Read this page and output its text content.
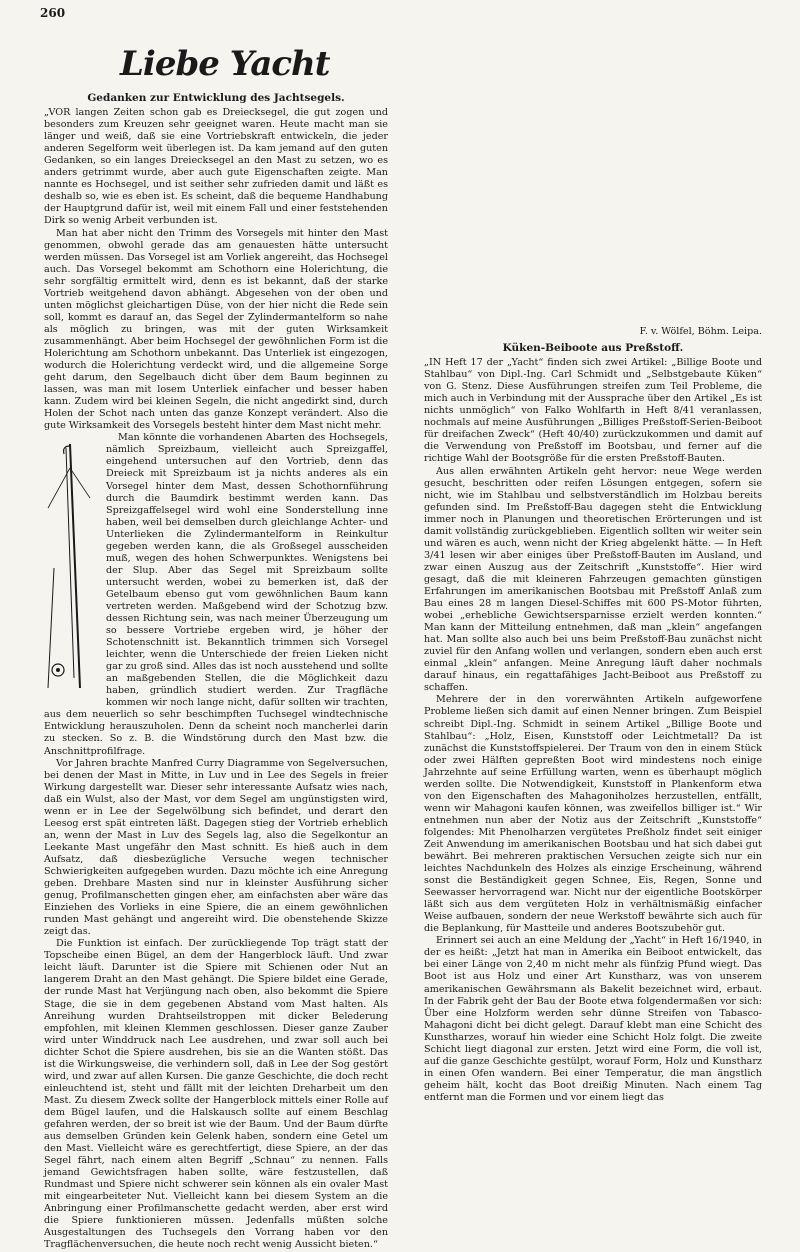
260
Liebe Yacht
Gedanken zur Entwicklung des Jachtsegels.

„VOR langen Zeiten schon gab es Dreiecksegel, die gut zogen und besonders zum Kreuzen sehr geeignet waren. Heute macht man sie länger und weiß, daß sie eine Vortriebskraft entwickeln, die jeder anderen Segelform weit überlegen ist. Da kam jemand auf den guten Gedanken, so ein langes Dreiecksegel an den Mast zu setzen, wo es anders getrimmt wurde, aber auch gute Eigenschaften zeigte. Man nannte es Hochsegel, und ist seither sehr zufrieden damit und läßt es deshalb so, wie es eben ist. Es scheint, daß die bequeme Handhabung der Hauptgrund dafür ist, weil mit einem Fall und einer feststehenden Dirk so wenig Arbeit verbunden ist.

Man hat aber nicht den Trimm des Vorsegels mit hinter den Mast genommen, obwohl gerade das am genauesten hätte untersucht werden müssen. Das Vorsegel ist am Vorliek angereiht, das Hochsegel auch. Das Vorsegel bekommt am Schothorn eine Holerichtung, die sehr sorgfältig ermittelt wird, denn es ist bekannt, daß der starke Vortrieb weitgehend davon abhängt. Abgesehen von der oben und unten möglichst gleichartigen Düse, von der hier nicht die Rede sein soll, kommt es darauf an, das Segel der Zylindermantelform so nahe als möglich zu bringen, was mit der guten Wirksamkeit zusammenhängt. Aber beim Hochsegel der gewöhnlichen Form ist die Holerichtung am Schothorn unbekannt. Das Unterliek ist eingezogen, wodurch die Holerichtung verdeckt wird, und die allgemeine Sorge geht darum, den Segelbauch dicht über dem Baum beginnen zu lassen, was man mit losem Unterliek einfacher und besser haben kann. Zudem wird bei kleinen Segeln, die nicht angedirkt sind, durch Holen der Schot nach unten das ganze Konzept verändert. Also die gute Wirksamkeit des Vorsegels besteht hinter dem Mast nicht mehr.

Man könnte die vorhandenen Abarten des Hochsegels, nämlich Spreizbaum, vielleicht auch Spreizgaffel, eingehend untersuchen auf den Vortrieb, denn das Dreieck mit Spreizbaum ist ja nichts anderes als ein Vorsegel hinter dem Mast, dessen Schothornführung durch die Baumdirk bestimmt werden kann. Das Spreizgaffelsegel wird wohl eine Sonderstellung inne haben, weil bei demselben durch gleichlange Achter- und Unterlieken die Zylindermantelform in Reinkultur gegeben werden kann, die als Großsegel ausscheiden muß, wegen des hohen Schwerpunktes. Wenigstens bei der Slup. Aber das Segel mit Spreizbaum sollte untersucht werden, wobei zu bemerken ist, daß der Getelbaum ebenso gut vom gewöhnlichen Baum kann vertreten werden. Maßgebend wird der Schotzug bzw. dessen Richtung sein, was nach meiner Überzeugung um so bessere Vortriebe ergeben wird, je höher der Schotenschnitt ist. Bekanntlich trimmen sich Vorsegel leichter, wenn die Unterschiede der freien Lieken nicht gar zu groß sind. Alles das ist noch ausstehend und sollte an maßgebenden Stellen, die die Möglichkeit dazu haben, gründlich studiert werden. Zur Tragfläche kommen wir noch lange nicht, dafür sollten wir trachten, aus dem neuerlich so sehr beschimpften Tuchsegel windtechnische Entwicklung herauszuholen. Denn da scheint noch mancherlei darin zu stecken. So z. B. die Windstörung durch den Mast bzw. die Anschnittprofilfrage.

Vor Jahren brachte Manfred Curry Diagramme von Segelversuchen, bei denen der Mast in Mitte, in Luv und in Lee des Segels in freier Wirkung dargestellt war. Dieser sehr interessante Aufsatz wies nach, daß ein Wulst, also der Mast, vor dem Segel am ungünstigsten wird, wenn er in Lee der Segelwölbung sich befindet, und derart den Leesog erst spät eintreten läßt. Dagegen stieg der Vortrieb erheblich an, wenn der Mast in Luv des Segels lag, also die Segelkontur an Leekante Mast ungefähr den Mast schnitt. Es hieß auch in dem Aufsatz, daß diesbezügliche Versuche wegen technischer Schwierigkeiten aufgegeben wurden. Dazu möchte ich eine Anregung geben. Drehbare Masten sind nur in kleinster Ausführung sicher genug, Profilmanschetten gingen eher, am einfachsten aber wäre das Einziehen des Vorlieks in eine Spiere, die an einem gewöhnlichen runden Mast gehängt und angereiht wird. Die obenstehende Skizze zeigt das.

Die Funktion ist einfach. Der zurückliegende Top trägt statt der Topscheibe einen Bügel, an dem der Hangerblock läuft. Und zwar leicht läuft. Darunter ist die Spiere mit Schienen oder Nut an langerem Draht an den Mast gehängt. Die Spiere bildet eine Gerade, der runde Mast hat Verjüngung nach oben, also bekommt die Spiere Stage, die sie in dem gegebenen Abstand vom Mast halten. Als Anreihung wurden Drahtseilstroppen mit dicker Belederung empfohlen, mit kleinen Klemmen geschlossen. Dieser ganze Zauber wird unter Winddruck nach Lee ausdrehen, und zwar soll auch bei dichter Schot die Spiere ausdrehen, bis sie an die Wanten stößt. Das ist die Wirkungsweise, die verhindern soll, daß in Lee der Sog gestört wird, und zwar auf allen Kursen. Die ganze Geschichte, die doch recht einleuchtend ist, steht und fällt mit der leichten Dreharbeit um den Mast. Zu diesem Zweck sollte der Hangerblock mittels einer Rolle auf dem Bügel laufen, und die Halskausch sollte auf einem Beschlag gefahren werden, der so breit ist wie der Baum. Und der Baum dürfte aus demselben Gründen kein Gelenk haben, sondern eine Getel um den Mast. Vielleicht wäre es gerechtfertigt, diese Spiere, an der das Segel fährt, nach einem alten Begriff „Schnau“ zu nennen. Falls jemand Gewichtsfragen haben sollte, wäre festzustellen, daß Rundmast und Spiere nicht schwerer sein können als ein ovaler Mast mit eingearbeiteter Nut. Vielleicht kann bei diesem System an die Anbringung einer Profilmanschette gedacht werden, aber erst wird die Spiere funktionieren müssen. Jedenfalls müßten solche Ausgestaltungen des Tuchsegels den Vorrang haben vor den Tragflächenversuchen, die heute noch recht wenig Aussicht bieten.“

F. v. Wölfel, Böhm. Leipa.

Küken-Beiboote aus Preßstoff.

„IN Heft 17 der „Yacht“ finden sich zwei Artikel: „Billige Boote und Stahlbau“ von Dipl.-Ing. Carl Schmidt und „Selbstgebaute Küken“ von G. Stenz. Diese Ausführungen streifen zum Teil Probleme, die mich auch in Verbindung mit der Aussprache über den Artikel „Es ist nichts unmöglich“ von Falko Wohlfarth in Heft 8/41 veranlassen, nochmals auf meine Ausführungen „Billiges Preßstoff-Serien-Beiboot für dreifachen Zweck“ (Heft 40/40) zurückzukommen und damit auf die Verwendung von Preßstoff im Bootsbau, und ferner auf die richtige Wahl der Bootsgröße für die ersten Preßstoff-Bauten.

Aus allen erwähnten Artikeln geht hervor: neue Wege werden gesucht, beschritten oder reifen Lösungen entgegen, sofern sie nicht, wie im Stahlbau und selbstverständlich im Holzbau bereits gefunden sind. Im Preßstoff-Bau dagegen steht die Entwicklung immer noch in Planungen und theoretischen Erörterungen und ist damit vollständig zurückgeblieben. Eigentlich sollten wir weiter sein und wären es auch, wenn nicht der Krieg abgelenkt hätte. — In Heft 3/41 lesen wir aber einiges über Preßstoff-Bauten im Ausland, und zwar einen Auszug aus der Zeitschrift „Kunststoffe“. Hier wird gesagt, daß die mit kleineren Fahrzeugen gemachten günstigen Erfahrungen im amerikanischen Bootsbau mit Preßstoff Anlaß zum Bau eines 28 m langen Diesel-Schiffes mit 600 PS-Motor führten, wobei „erhebliche Gewichtsersparnisse erzielt werden konnten.“ Man kann der Mitteilung entnehmen, daß man „klein“ angefangen hat. Man sollte also auch bei uns beim Preßstoff-Bau zunächst nicht zuviel für den Anfang wollen und verlangen, sondern eben auch erst einmal „klein“ anfangen. Meine Anregung läuft daher nochmals darauf hinaus, ein regattafähiges Jacht-Beiboot aus Preßstoff zu schaffen.

Mehrere der in den vorerwähnten Artikeln aufgeworfene Probleme ließen sich damit auf einen Nenner bringen. Zum Beispiel schreibt Dipl.-Ing. Schmidt in seinem Artikel „Billige Boote und Stahlbau“: „Holz, Eisen, Kunststoff oder Leichtmetall? Da ist zunächst die Kunststoffspielerei. Der Traum von den in einem Stück oder zwei Hälften gepreßten Boot wird mindestens noch einige Jahrzehnte auf seine Erfüllung warten, wenn es überhaupt möglich werden sollte. Die Notwendigkeit, Kunststoff in Plankenform etwa von den Eigenschaften des Mahagoniholzes herzustellen, entfällt, wenn wir Mahagoni kaufen können, was zweifellos billiger ist.“ Wir entnehmen nun aber der Notiz aus der Zeitschrift „Kunststoffe“ folgendes: Mit Phenolharzen vergütetes Preßholz findet seit einiger Zeit Anwendung im amerikanischen Bootsbau und hat sich dabei gut bewährt. Bei mehreren praktischen Versuchen zeigte sich nur ein leichtes Nachdunkeln des Holzes als einzige Erscheinung, während sonst die Beständigkeit gegen Schnee, Eis, Regen, Sonne und Seewasser hervorragend war. Nicht nur der eigentliche Bootskörper läßt sich aus dem vergüteten Holz in verhältnismäßig einfacher Weise aufbauen, sondern der neue Werkstoff bewährte sich auch für die Beplankung, für Mastteile und anderes Bootszubehör gut.

Erinnert sei auch an eine Meldung der „Yacht“ in Heft 16/1940, in der es heißt: „Jetzt hat man in Amerika ein Beiboot entwickelt, das bei einer Länge von 2,40 m nicht mehr als fünfzig Pfund wiegt. Das Boot ist aus Holz und einer Art Kunstharz, was von unserem amerikanischen Gewährsmann als Bakelit bezeichnet wird, erbaut. In der Fabrik geht der Bau der Boote etwa folgendermaßen vor sich: Über eine Holzform werden sehr dünne Streifen von Tabasco-Mahagoni dicht bei dicht gelegt. Darauf klebt man eine Schicht des Kunstharzes, worauf hin wieder eine Schicht Holz folgt. Die zweite Schicht liegt diagonal zur ersten. Jetzt wird eine Form, die voll ist, auf die ganze Geschichte gestülpt, worauf Form, Holz und Kunstharz in einen Ofen wandern. Bei einer Temperatur, die man ängstlich geheim hält, kocht das Boot dreißig Minuten. Nach einem Tag entfernt man die Formen und vor einem liegt das
